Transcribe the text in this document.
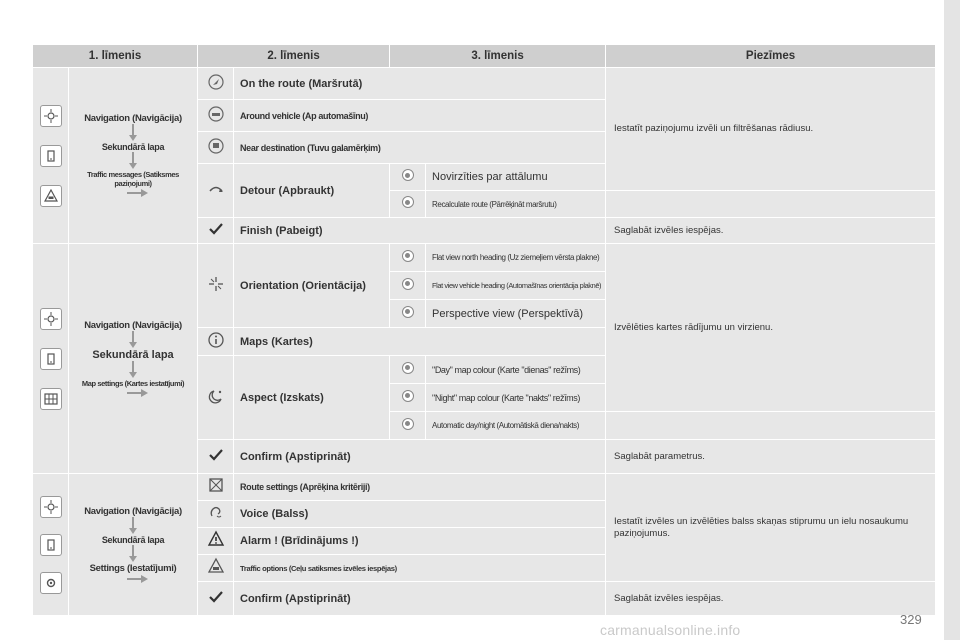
1. līmenis		2. līmenis		3. līmenis		Piezīmes

Navigation (Navigācija)
Sekundārā lapa
Traffic messages (Satiksmes paziņojumi)		On the route (Maršrutā)			Iestatīt paziņojumu izvēli un filtrēšanas rādiusu.

	Around vehicle (Ap automašīnu)			

	Near destination (Tuvu galamērķim)			

	Detour (Apbraukt)		Novirzīties par attālumu	
					Recalculate route (Pārrēķināt maršrutu)	

	Finish (Pabeigt)			Saglabāt izvēles iespējas.

Navigation (Navigācija)
Sekundārā lapa
Map settings (Kartes iestatījumi)		Orientation (Orientācija)		Flat view north heading (Uz ziemeļiem vērsta plakne)	Izvēlēties kartes rādījumu un virzienu.
					Flat view vehicle heading (Automašīnas orientācija plaknē)	
					Perspective view (Perspektīvā)	

	Maps (Kartes)			

	Aspect (Izskats)		"Day" map colour (Karte "dienas" režīms)	
					"Night" map colour (Karte "nakts" režīms)	
					Automatic day/night (Automātiskā diena/nakts)	

	Confirm (Apstiprināt)			Saglabāt parametrus.

Navigation (Navigācija)
Sekundārā lapa
Settings (Iestatījumi)		Route settings (Aprēķina kritēriji)			Iestatīt izvēles un izvēlēties balss skaņas stiprumu un ielu nosaukumu paziņojumus.

	Voice (Balss)			

	Alarm ! (Brīdinājums !)			

	Traffic options (Ceļu satiksmes izvēles iespējas)			

	Confirm (Apstiprināt)			Saglabāt izvēles iespējas.
carmanualsonline.info
329
